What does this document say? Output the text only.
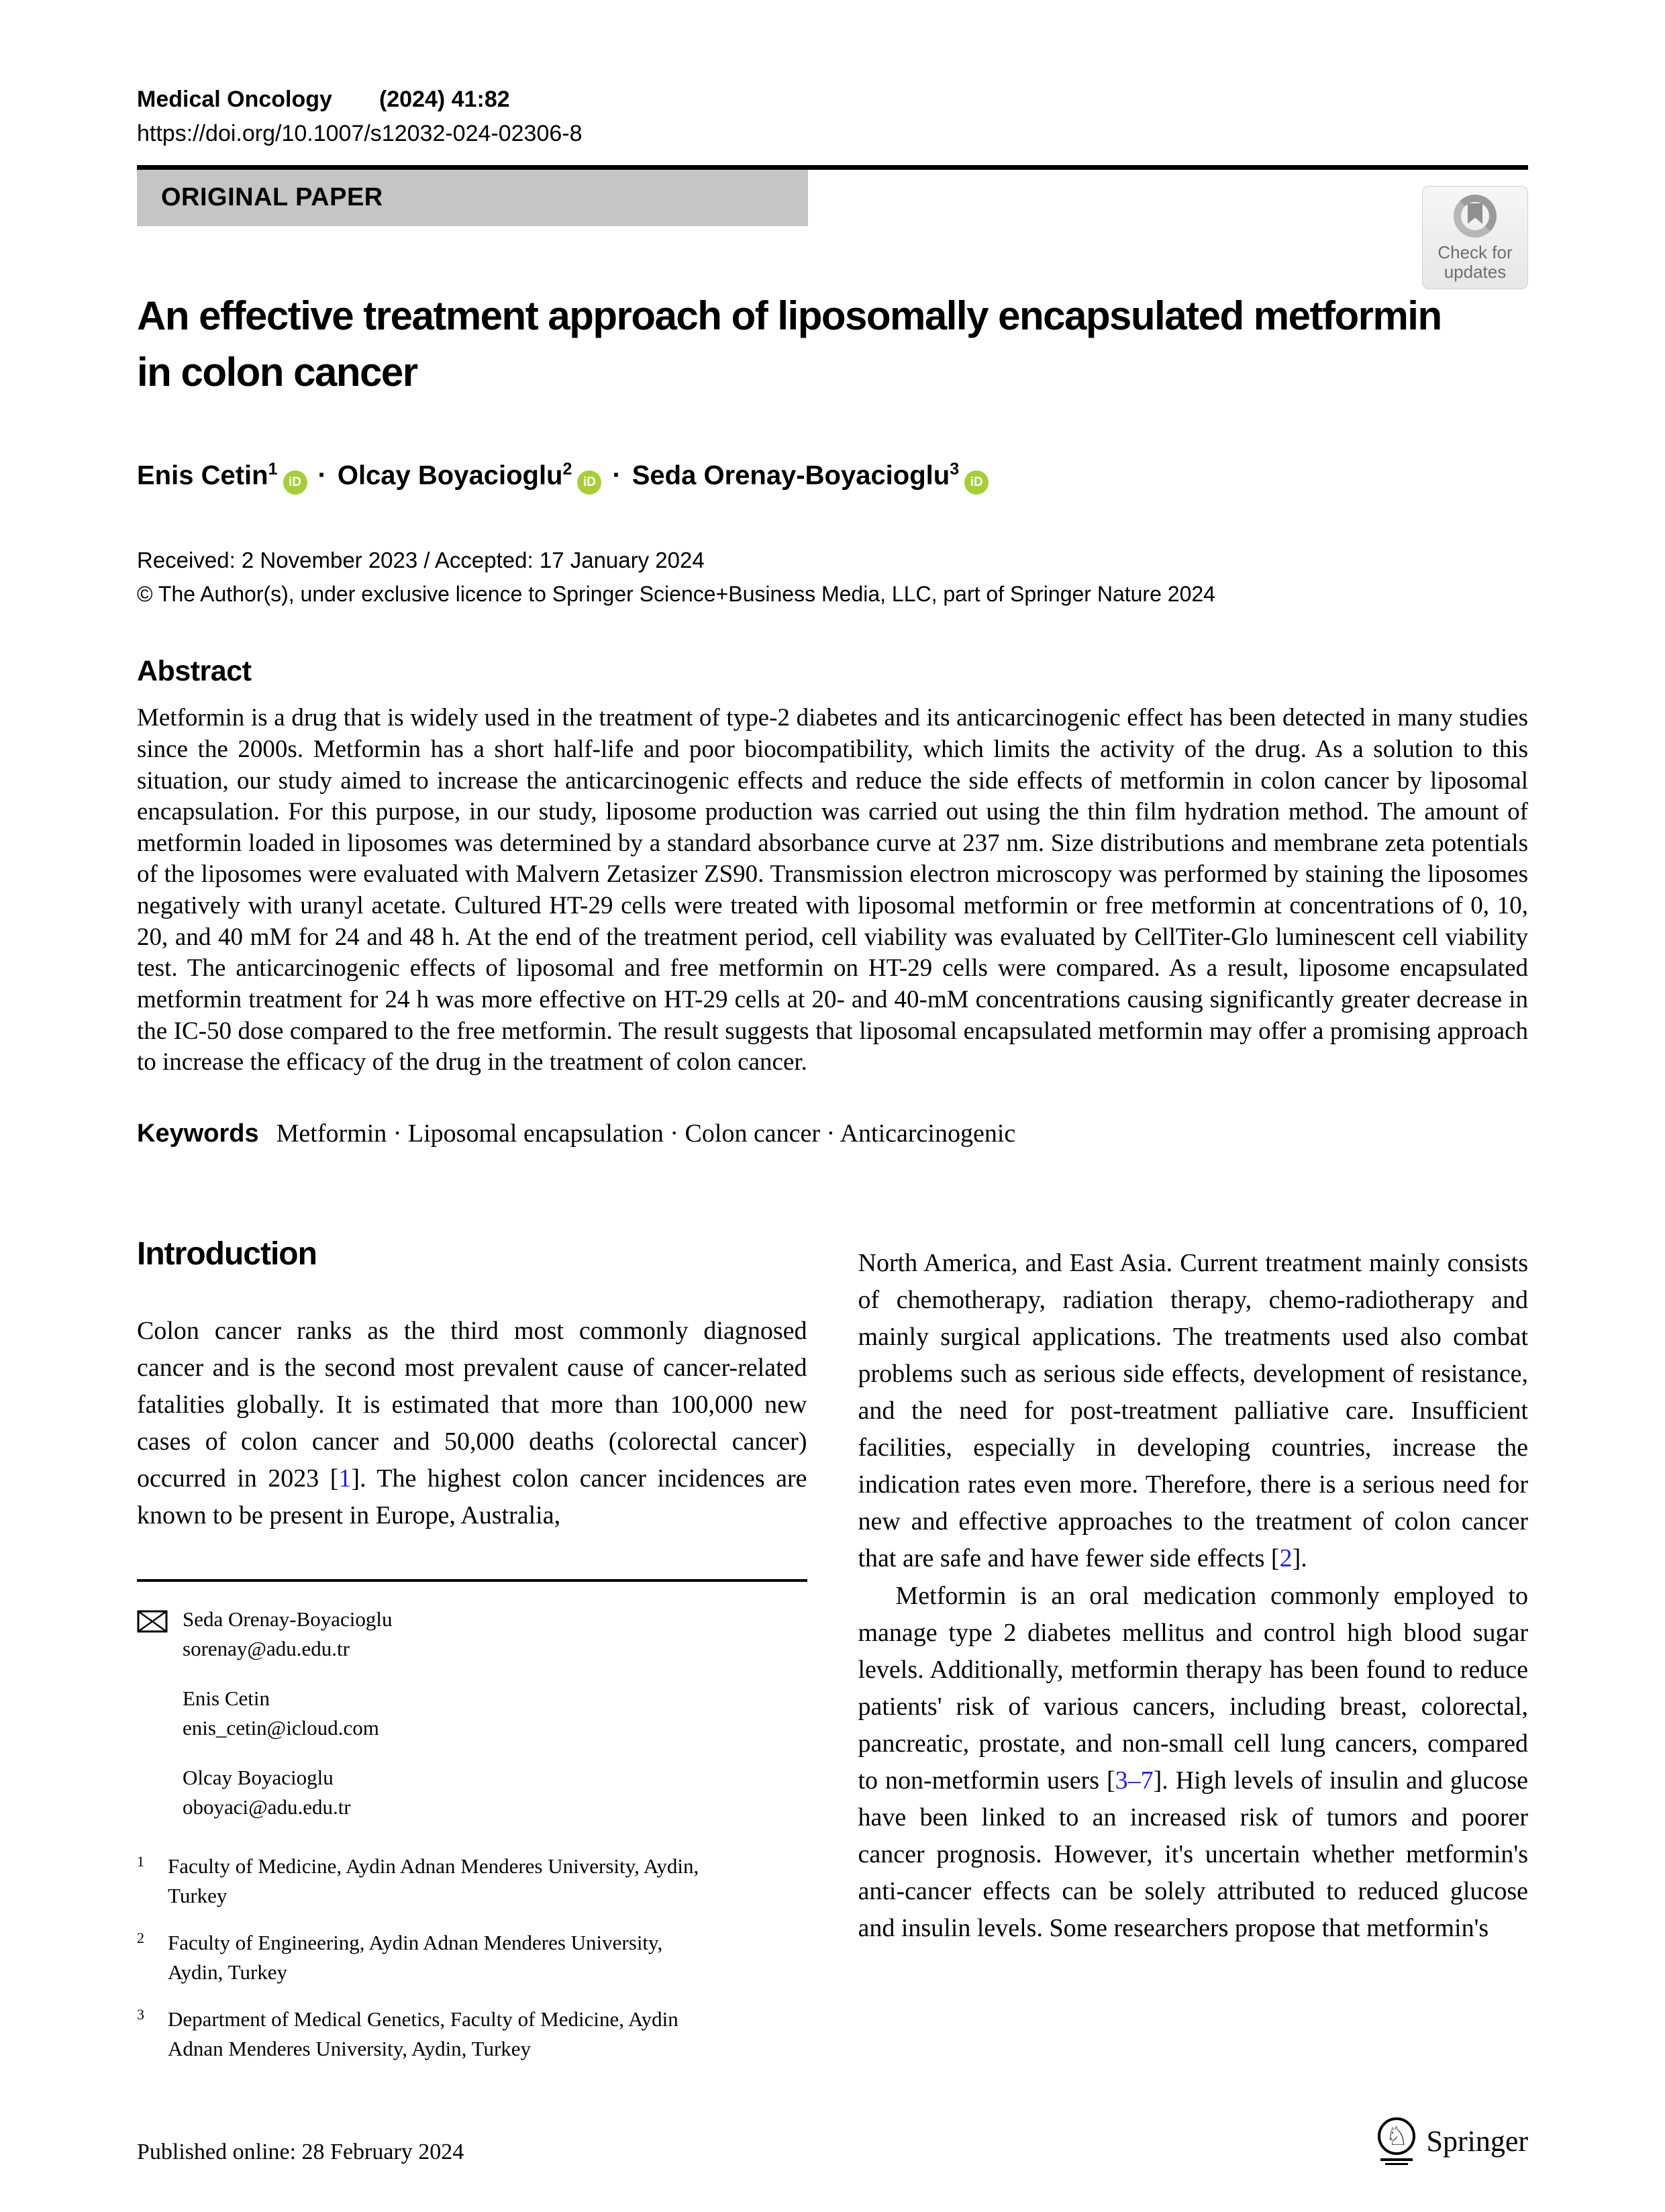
Medical Oncology (2024) 41:82
https://doi.org/10.1007/s12032-024-02306-8
ORIGINAL PAPER
Check for
updates
An effective treatment approach of liposomally encapsulated metformin in colon cancer
Enis Cetin$^1$
iD · Olcay Boyacioglu$^2$
iD · Seda Orenay-Boyacioglu$^3$
iD
Received: 2 November 2023 / Accepted: 17 January 2024
© The Author(s), under exclusive licence to Springer Science+Business Media, LLC, part of Springer Nature 2024
Abstract

Metformin is a drug that is widely used in the treatment of type-2 diabetes and its anticarcinogenic effect has been detected in many studies since the 2000s. Metformin has a short half-life and poor biocompatibility, which limits the activity of the drug. As a solution to this situation, our study aimed to increase the anticarcinogenic effects and reduce the side effects of metformin in colon cancer by liposomal encapsulation. For this purpose, in our study, liposome production was carried out using the thin film hydration method. The amount of metformin loaded in liposomes was determined by a standard absorbance curve at 237 nm. Size distributions and membrane zeta potentials of the liposomes were evaluated with Malvern Zetasizer ZS90. Transmission electron microscopy was performed by staining the liposomes negatively with uranyl acetate. Cultured HT-29 cells were treated with liposomal metformin or free metformin at concentrations of 0, 10, 20, and 40 mM for 24 and 48 h. At the end of the treatment period, cell viability was evaluated by CellTiter-Glo luminescent cell viability test. The anticarcinogenic effects of liposomal and free metformin on HT-29 cells were compared. As a result, liposome encapsulated metformin treatment for 24 h was more effective on HT-29 cells at 20- and 40-mM concentrations causing significantly greater decrease in the IC-50 dose compared to the free metformin. The result suggests that liposomal encapsulated metformin may offer a promising approach to increase the efficacy of the drug in the treatment of colon cancer.

Keywords Metformin · Liposomal encapsulation · Colon cancer · Anticarcinogenic
Introduction

Colon cancer ranks as the third most commonly diagnosed cancer and is the second most prevalent cause of cancer-related fatalities globally. It is estimated that more than 100,000 new cases of colon cancer and 50,000 deaths (colorectal cancer) occurred in 2023 [1]. The highest colon cancer incidences are known to be present in Europe, Australia,

Seda Orenay-Boyacioglu
sorenay@adu.edu.tr
Enis Cetin
enis_cetin@icloud.com
Olcay Boyacioglu
oboyaci@adu.edu.tr
1	Faculty of Medicine, Aydin Adnan Menderes University, Aydin, Turkey
2	Faculty of Engineering, Aydin Adnan Menderes University, Aydin, Turkey
3	Department of Medical Genetics, Faculty of Medicine, Aydin Adnan Menderes University, Aydin, Turkey

North America, and East Asia. Current treatment mainly consists of chemotherapy, radiation therapy, chemo-radiotherapy and mainly surgical applications. The treatments used also combat problems such as serious side effects, development of resistance, and the need for post-treatment palliative care. Insufficient facilities, especially in developing countries, increase the indication rates even more. Therefore, there is a serious need for new and effective approaches to the treatment of colon cancer that are safe and have fewer side effects [2].

Metformin is an oral medication commonly employed to manage type 2 diabetes mellitus and control high blood sugar levels. Additionally, metformin therapy has been found to reduce patients' risk of various cancers, including breast, colorectal, pancreatic, prostate, and non-small cell lung cancers, compared to non-metformin users [3–7]. High levels of insulin and glucose have been linked to an increased risk of tumors and poorer cancer prognosis. However, it's uncertain whether metformin's anti-cancer effects can be solely attributed to reduced glucose and insulin levels. Some researchers propose that metformin's

Published online: 28 February 2024
♘ Springer
